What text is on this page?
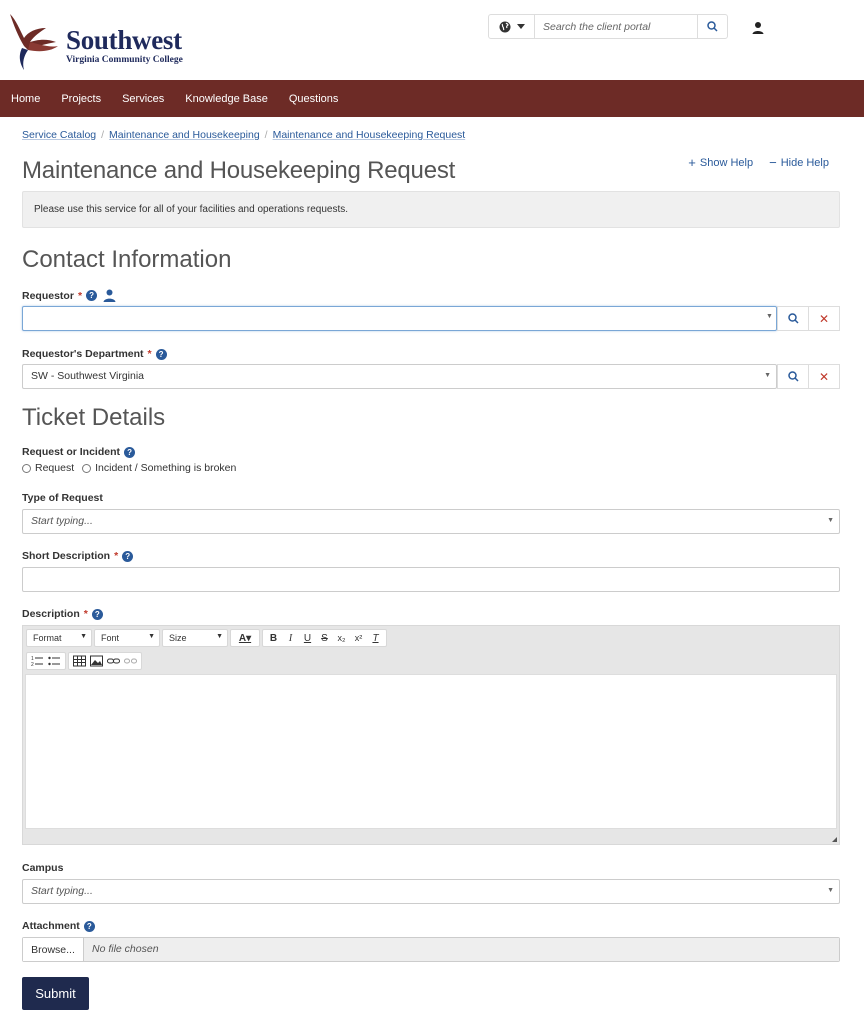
Southwest
Virginia Community College
Search the client portal
Home Projects Services Knowledge Base Questions
Service Catalog / Maintenance and Housekeeping / Maintenance and Housekeeping Request
+ Show Help − Hide Help
Maintenance and Housekeeping Request
Please use this service for all of your facilities and operations requests.
Contact Information
Requestor * ?
▼	✕
Requestor's Department * ?
SW - Southwest Virginia	▼	✕
Ticket Details
Request or Incident ?
Request Incident / Something is broken
Type of Request
Start typing...	▼
Short Description * ?
Description * ?
Format	▼	Font	▼	Size	▼	A▾	B	I	U	S	x₂	x²	T
1
2
Campus
Start typing...	▼
Attachment ?
Browse...	No file chosen
Submit
